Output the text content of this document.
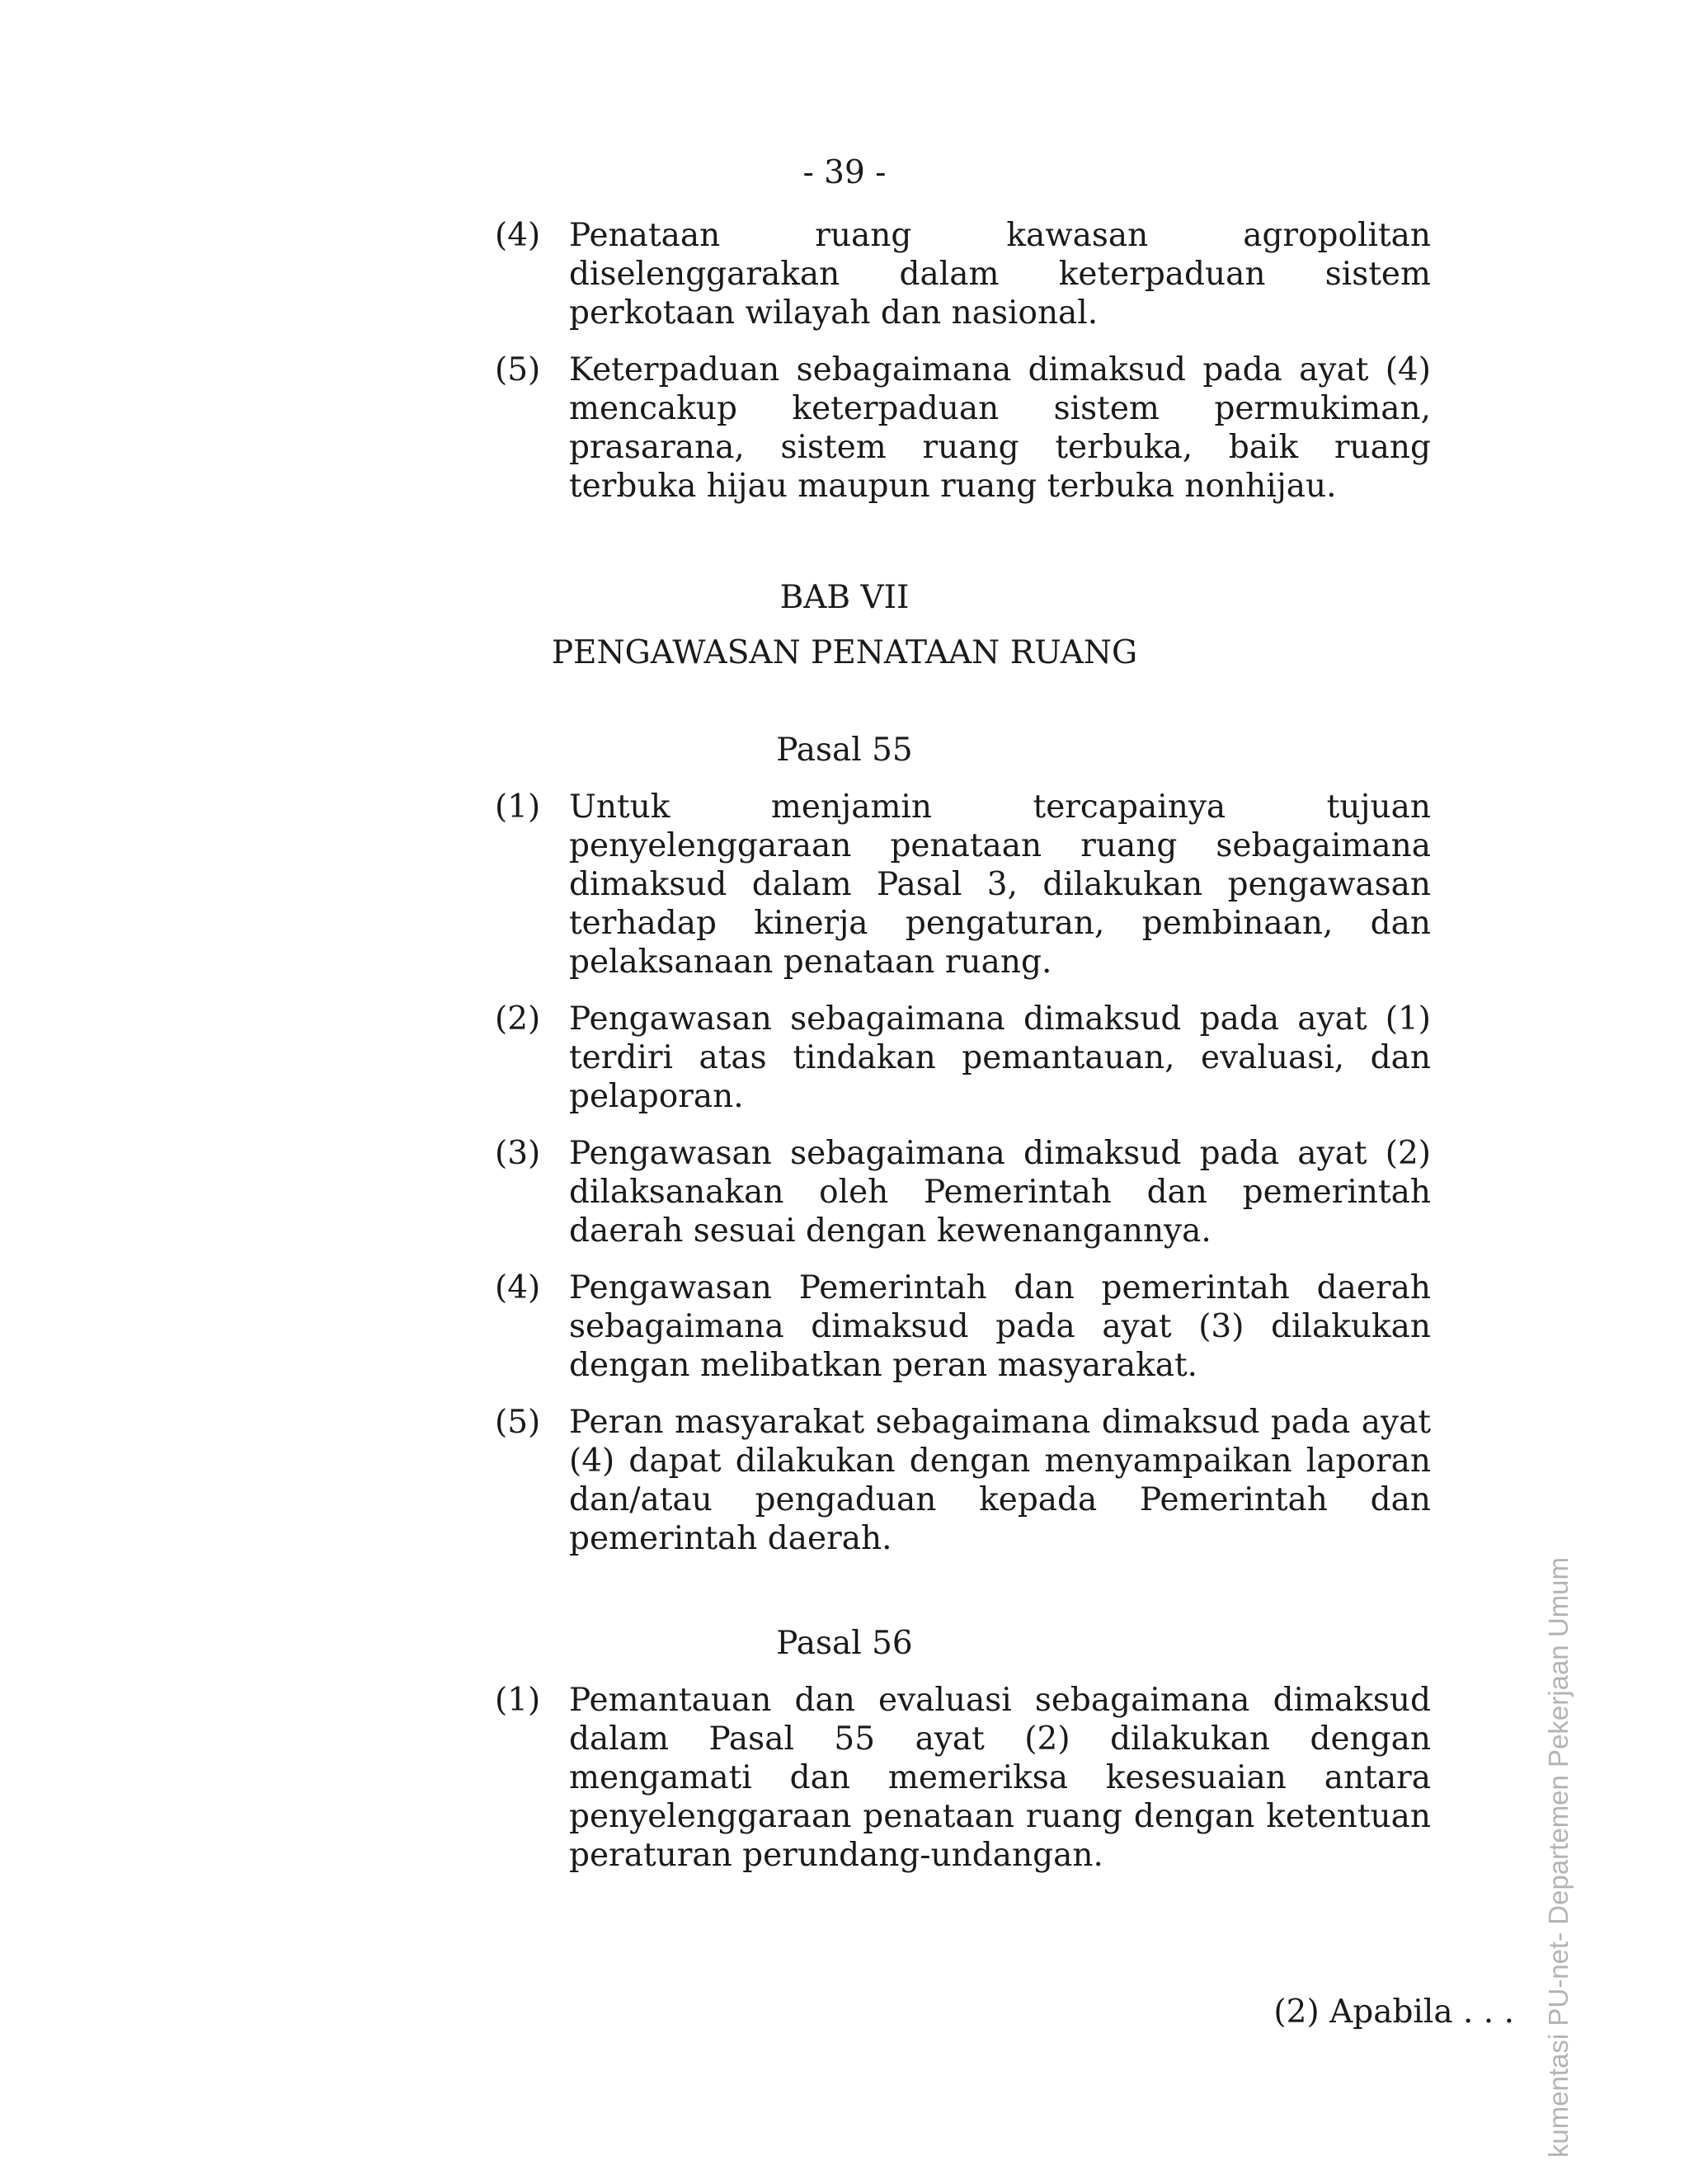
- 39 -
(4) Penataan ruang kawasan agropolitan diselenggarakan dalam keterpaduan sistem perkotaan wilayah dan nasional.
(5) Keterpaduan sebagaimana dimaksud pada ayat (4) mencakup keterpaduan sistem permukiman, prasarana, sistem ruang terbuka, baik ruang terbuka hijau maupun ruang terbuka nonhijau.
BAB VII
PENGAWASAN PENATAAN RUANG
Pasal 55
(1) Untuk menjamin tercapainya tujuan penyelenggaraan penataan ruang sebagaimana dimaksud dalam Pasal 3, dilakukan pengawasan terhadap kinerja pengaturan, pembinaan, dan pelaksanaan penataan ruang.
(2) Pengawasan sebagaimana dimaksud pada ayat (1) terdiri atas tindakan pemantauan, evaluasi, dan pelaporan.
(3) Pengawasan sebagaimana dimaksud pada ayat (2) dilaksanakan oleh Pemerintah dan pemerintah daerah sesuai dengan kewenangannya.
(4) Pengawasan Pemerintah dan pemerintah daerah sebagaimana dimaksud pada ayat (3) dilakukan dengan melibatkan peran masyarakat.
(5) Peran masyarakat sebagaimana dimaksud pada ayat (4) dapat dilakukan dengan menyampaikan laporan dan/atau pengaduan kepada Pemerintah dan pemerintah daerah.
Pasal 56
(1) Pemantauan dan evaluasi sebagaimana dimaksud dalam Pasal 55 ayat (2) dilakukan dengan mengamati dan memeriksa kesesuaian antara penyelenggaraan penataan ruang dengan ketentuan peraturan perundang-undangan.
(2) Apabila . . . kumentasi PU-net- Departemen Pekerjaan Umum
